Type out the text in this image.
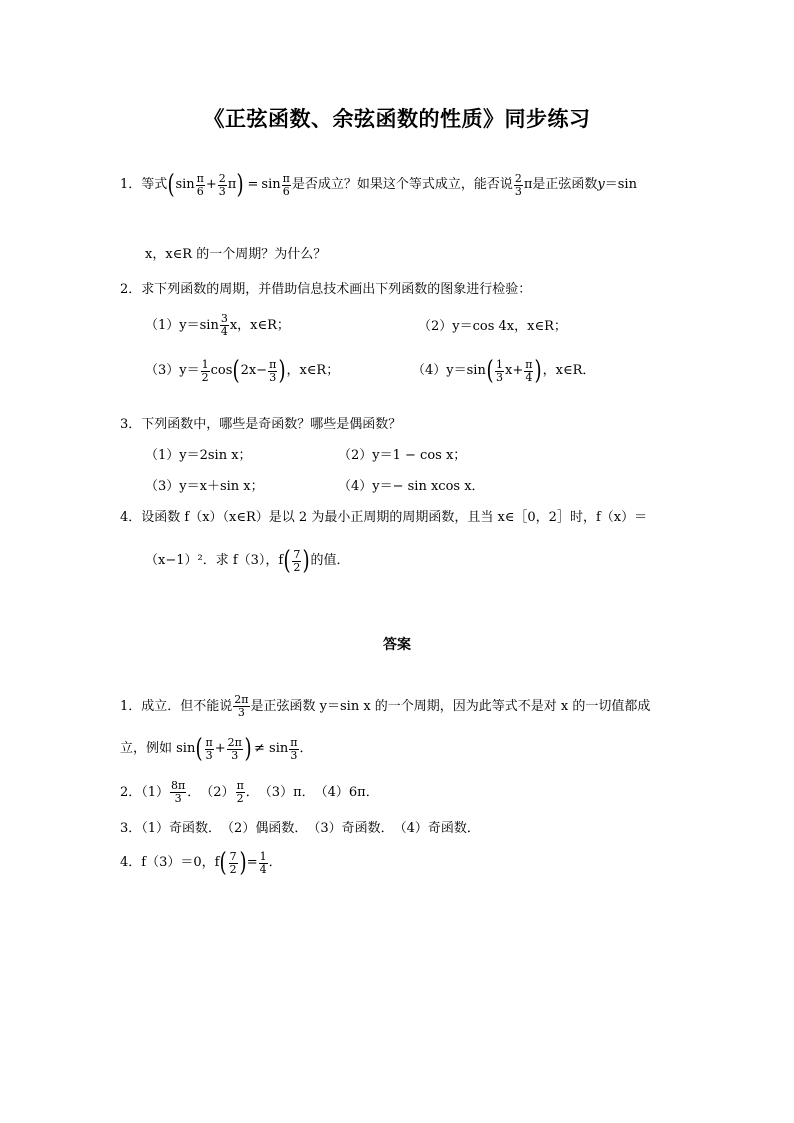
《正弦函数、余弦函数的性质》同步练习
1． 等式 ( $\sin \frac{\pi}{6} + \frac{2}{3}$ π ) = $\sin \frac{\pi}{6}$ 是否成立？如果这个等式成立，能否说 $\frac{2}{3}$ π是正弦函数 y ＝sin
x，x∈R 的一个周期？为什么？
2．求下列函数的周期，并借助信息技术画出下列函数的图象进行检验：
（1） $y=\sin \frac{3}{4}$ x，x∈R；	（2）y＝cos 4x，x∈R；
（3） $y= \frac{1}{2}$ cos ( $2x- \frac{\pi}{3}$ ) ，x∈R；	（4） y＝sin ( $\frac{1}{3} x+ \frac{\pi}{4}$ ) ，x∈R．
3．下列函数中，哪些是奇函数？哪些是偶函数？
（1）y＝2sin x；	（2）y＝1 − cos x；
（3）y＝x＋sin x；	（4）y＝− sin xcos x．
4．设函数 f（x）（x∈R）是以 2 为最小正周期的周期函数，且当 x∈［0，2］时，f（x）＝
（x−1）²．求 f（3），f ( $\frac{7}{2}$ ) 的值．
答案
1．成立．但不能说 $\frac{2\pi}{3}$ 是正弦函数 y＝sin x 的一个周期，因为此等式不是对 x 的一切值都成
立，例如 sin ( $\frac{\pi}{3} + \frac{2\pi}{3}$ ) ≠ $\sin \frac{\pi}{3}$ ．
2．$(1) \frac{8\pi}{3}$ ．　$(2) \frac{\pi}{2}$ ．　（3）π．　（4）6π．
3．（1）奇函数．　（2）偶函数．　（3）奇函数．　（4）奇函数．
4．f（3）＝0，f ( $\frac{7}{2}$ ) = $\frac{1}{4}$ ．
